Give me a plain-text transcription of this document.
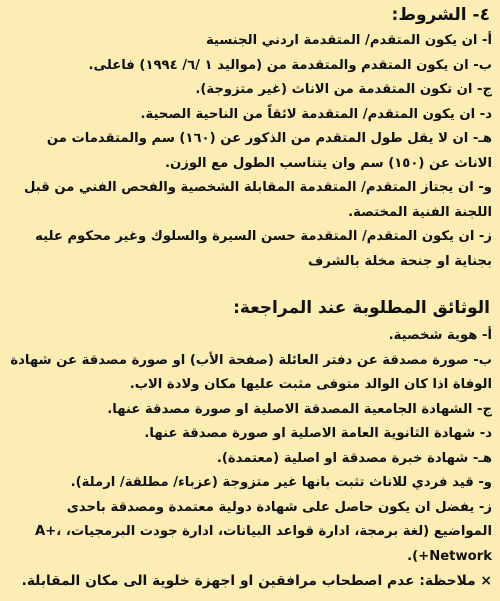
٤- الشروط:
أ- ان يكون المتقدم/ المتقدمة اردني الجنسية
ب- ان يكون المتقدم والمتقدمة من (مواليد ١ /٦/ ١٩٩٤) فاعلى.
ج- ان تكون المتقدمة من الاناث (غير متزوجة).
د- ان يكون المتقدم/ المتقدمة لائقاً من الناحية الصحية.
هـ- ان لا يقل طول المتقدم من الذكور عن (١٦٠) سم والمتقدمات من الاناث عن (١٥٠) سم وان يتناسب الطول مع الوزن.
و- ان يجتاز المتقدم/ المتقدمة المقابلة الشخصية والفحص الفني من قبل اللجنة الفنية المختصة.
ز- ان يكون المتقدم/ المتقدمة حسن السيرة والسلوك وغير محكوم عليه بجناية او جنحة مخلة بالشرف
الوثائق المطلوبة عند المراجعة:
أ- هوية شخصية.
ب- صورة مصدقة عن دفتر العائلة (صفحة الأب) او صورة مصدقة عن شهادة الوفاة اذا كان الوالد متوفى مثبت عليها مكان ولادة الاب.
ج- الشهادة الجامعية المصدقة الاصلية او صورة مصدقة عنها.
د- شهادة الثانوية العامة الاصلية او صورة مصدقة عنها.
هـ- شهادة خبرة مصدقة او اصلية (معتمدة).
و- قيد فردي للاناث تثبت بانها غير متزوجة (عزباء/ مطلقة/ ارملة).
ز- يفضل ان يكون حاصل على شهادة دولية معتمدة ومصدقة باحدى المواضيع (لغة برمجة، ادارة قواعد البيانات، ادارة جودت البرمجيات، A+، Network+).
× ملاحظة: عدم اصطحاب مرافقين او اجهزة خلوية الى مكان المقابلة.
